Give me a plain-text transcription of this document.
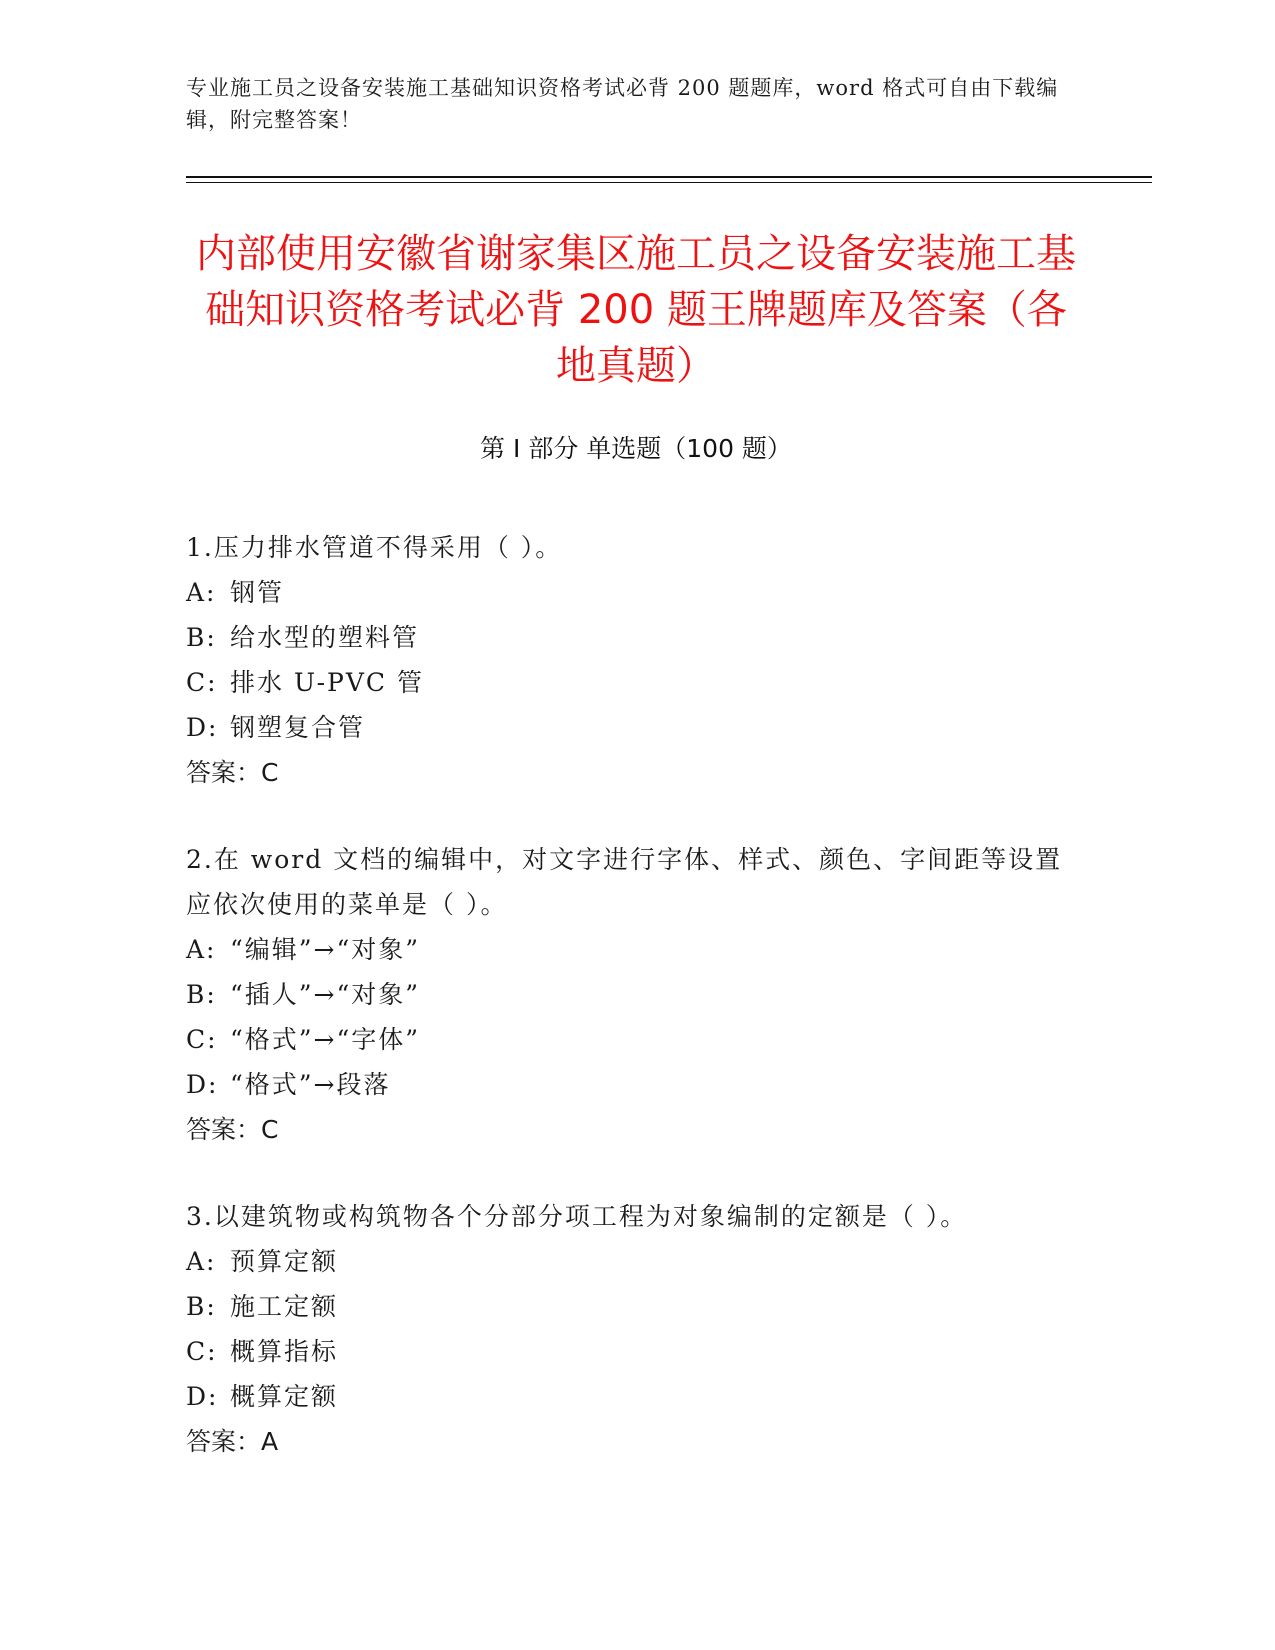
专业施工员之设备安装施工基础知识资格考试必背 200 题题库，word 格式可自由下载编辑，附完整答案！
内部使用安徽省谢家集区施工员之设备安装施工基础知识资格考试必背 200 题王牌题库及答案（各地真题）
第 I 部分 单选题（100 题）

1.压力排水管道不得采用（ ）。

A: 钢管

B: 给水型的塑料管

C: 排水 U-PVC 管

D: 钢塑复合管

答案：C

2.在 word 文档的编辑中，对文字进行字体、样式、颜色、字间距等设置应依次使用的菜单是（ ）。

A: “编辑”→“对象”

B: “插人”→“对象”

C: “格式”→“字体”

D: “格式”→段落

答案：C

3.以建筑物或构筑物各个分部分项工程为对象编制的定额是（ ）。

A: 预算定额

B: 施工定额

C: 概算指标

D: 概算定额

答案：A
